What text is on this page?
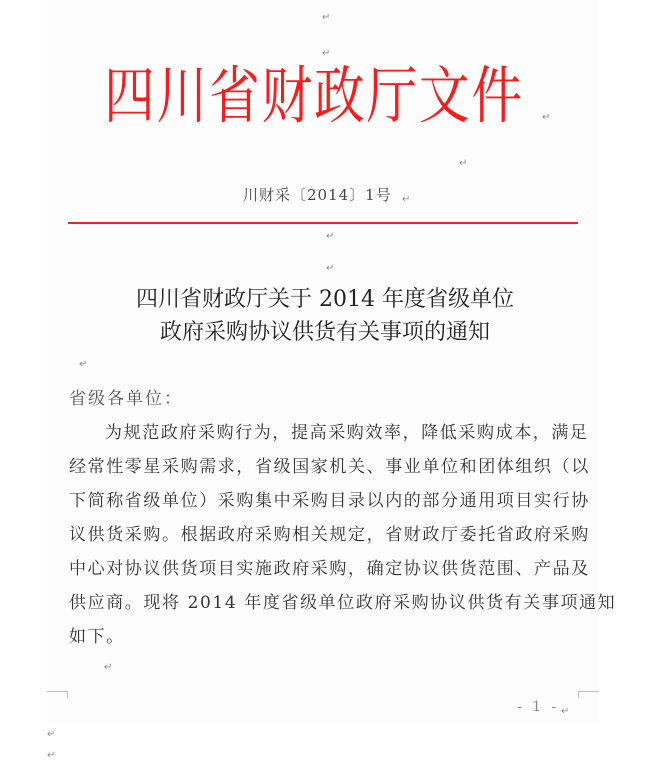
↵
↵
四川省财政厅文件 ↵
↵
川财采〔2014〕1号 ↵
↵
↵
四川省财政厅关于 2014 年度省级单位
政府采购协议供货有关事项的通知
↵
省级各单位：
为规范政府采购行为，提高采购效率，降低采购成本，满足
经常性零星采购需求，省级国家机关、事业单位和团体组织（以
下简称省级单位）采购集中采购目录以内的部分通用项目实行协
议供货采购。根据政府采购相关规定，省财政厅委托省政府采购
中心对协议供货项目实施政府采购，确定协议供货范围、产品及
供应商。现将 2014 年度省级单位政府采购协议供货有关事项通知
如下。
↵
- 1 - ↵
↵
↵
